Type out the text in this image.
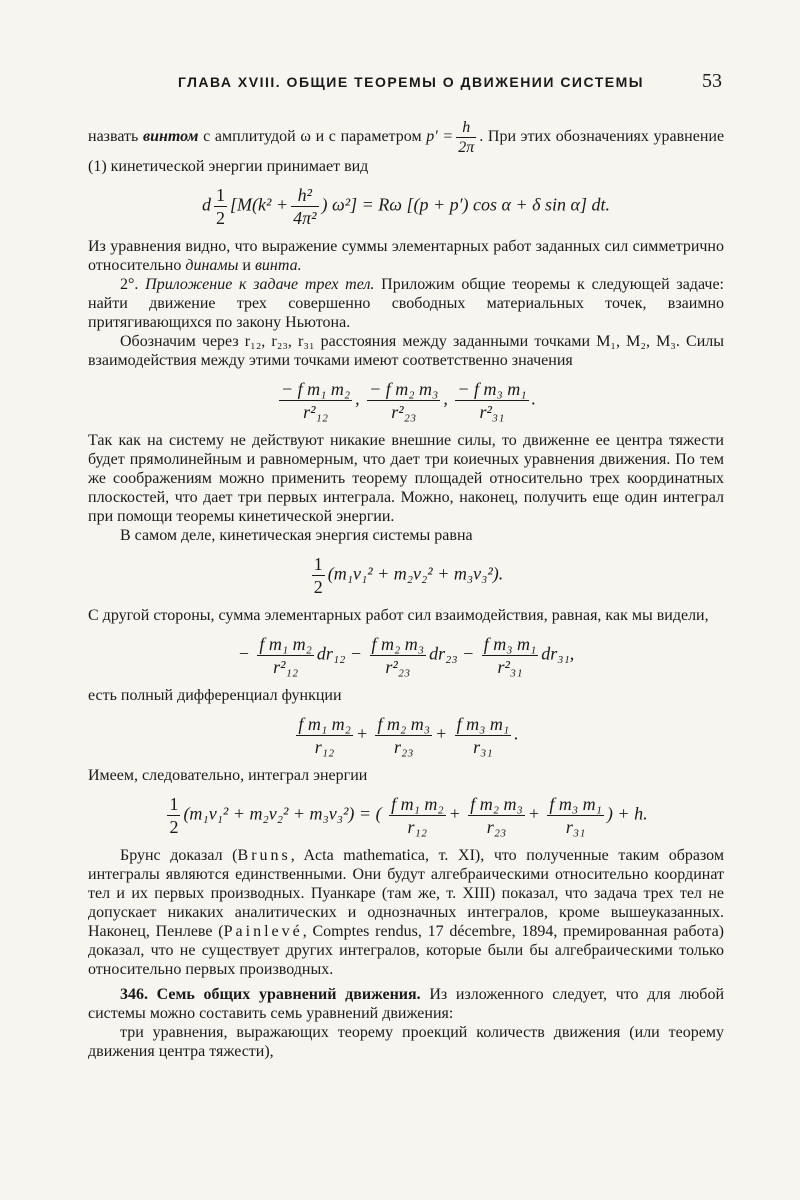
ГЛАВА XVIII. ОБЩИЕ ТЕОРЕМЫ О ДВИЖЕНИИ СИСТЕМЫ	53

назвать винтом с амплитудой ω и с параметром $p' = \frac{h}{2\pi}$ . При этих обозначениях уравнение (1) кинетической энергии принимает вид

d $\frac{1}{2} [M(k^2 + \frac{\text{h²}}{\text{4π²}}$ ) ω²] = Rω [(p + p′) cos α + δ sin α] dt.

Из уравнения видно, что выражение суммы элементарных работ заданных сил симметрично относительно динамы и винта.

2°. Приложение к задаче трех тел. Приложим общие теоремы к следующей задаче: найти движение трех совершенно свободных материальных точек, взаимно притягивающихся по закону Ньютона.

Обозначим через r₁₂, r₂₃, r₃₁ расстояния между заданными точками M₁, M₂, M₃. Силы взаимодействия между этими точками имеют соответственно значения

$\frac{\text{− f m₁ m₂}}{\text{r²₁₂}}$ , $\frac{\text{− f m₂ m₃}}{\text{r²₂₃}}$ , $\frac{\text{− f m₃ m₁}}{\text{r²₃₁}}$ .

Так как на систему не действуют никакие внешние силы, то движенне ее центра тяжести будет прямолинейным и равномерным, что дает три коиечных уравнения движения. По тем же соображениям можно применить теорему площадей относительно трех координатных плоскостей, что дает три первых интеграла. Можно, наконец, получить еще один интеграл при помощи теоремы кинетической энергии.

В самом деле, кинетическая энергия системы равна

$\frac{1}{2} (m_1v_1^2 + m_2v_2^2 + m_3v_3^2)$.

С другой стороны, сумма элементарных работ сил взаимодействия, равная, как мы видели,

− $\frac{\text{f m₁ m₂}}{\text{r²₁₂}} dr_{12} - \frac{\text{f m₂ m₃}}{\text{r²₂₃}} dr_{23} - \frac{\text{f m₃ m₁}}{\text{r²₃₁}} dr_{31}$,

есть полный дифференциал функции

$\frac{\text{f m₁ m₂}}{\text{r₁₂}} + \frac{\text{f m₂ m₃}}{\text{r₂₃}} + \frac{\text{f m₃ m₁}}{\text{r₃₁}}$ .

Имеем, следовательно, интеграл энергии

$\frac{1}{2} (m_1v_1^2 + m_2v_2^2 + m_3v_3^2)$ = ( $\frac{\text{f m₁ m₂}}{\text{r₁₂}} + \frac{\text{f m₂ m₃}}{\text{r₂₃}} + \frac{\text{f m₃ m₁}}{\text{r₃₁}}$ ) + h.

Брунс доказал (Bruns, Acta mathematica, т. XI), что полученные таким образом интегралы являются единственными. Они будут алгебраическими относительно координат тел и их первых производных. Пуанкаре (там же, т. XIII) показал, что задача трех тел не допускает никаких аналитических и однозначных интегралов, кроме вышеуказанных. Наконец, Пенлеве (Painlevé, Comptes rendus, 17 décembre, 1894, премированная работа) доказал, что не существует других интегралов, которые были бы алгебраическими только относительно первых производных.

346. Семь общих уравнений движения. Из изложенного следует, что для любой системы можно составить семь уравнений движения:

три уравнения, выражающих теорему проекций количеств движения (или теорему движения центра тяжести),
